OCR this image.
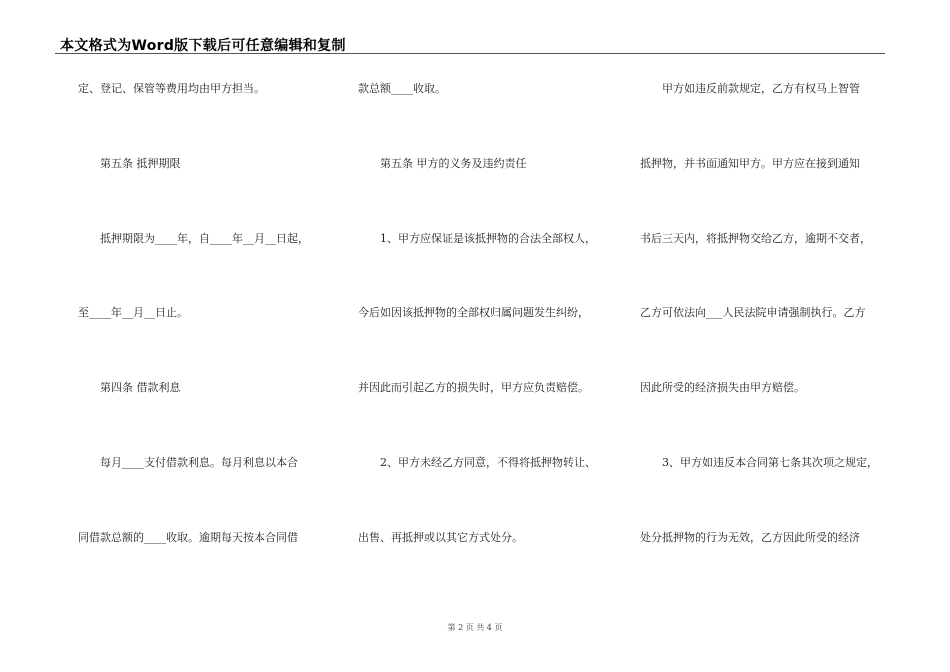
本文格式为Word版下载后可任意编辑和复制
定、登记、保管等费用均由甲方担当。
　　第五条 抵押期限
　　抵押期限为____年，自____年__月__日起，
至____年__月__日止。
　　第四条 借款利息
　　每月____支付借款利息。每月利息以本合
同借款总额的____收取。逾期每天按本合同借
款总额____收取。
　　第五条 甲方的义务及违约责任
　　1、甲方应保证是该抵押物的合法全部权人，
今后如因该抵押物的全部权归属问题发生纠纷，
并因此而引起乙方的损失时，甲方应负责赔偿。
　　2、甲方未经乙方同意，不得将抵押物转让、
出售、再抵押或以其它方式处分。
　　甲方如违反前款规定，乙方有权马上智管
抵押物，并书面通知甲方。甲方应在接到通知
书后三天内，将抵押物交给乙方，逾期不交者，
乙方可依法向___人民法院申请强制执行。乙方
因此所受的经济损失由甲方赔偿。
　　3、甲方如违反本合同第七条其次项之规定，
处分抵押物的行为无效，乙方因此所受的经济
第 2 页 共 4 页
